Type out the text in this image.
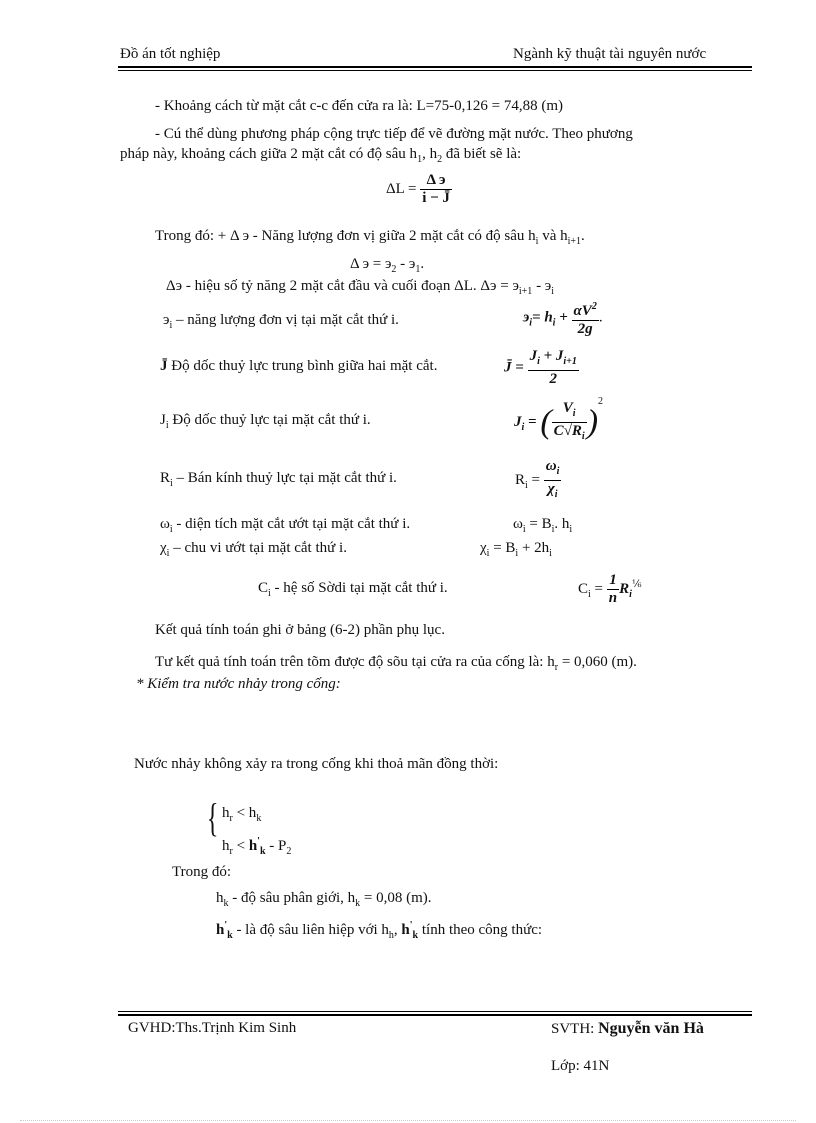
Đồ án tốt nghiệp	Ngành kỹ thuật tài nguyên nước
- Khoảng cách từ mặt cắt c-c đến cửa ra là: L=75-0,126 = 74,88 (m)
- Cú thể dùng phương pháp cộng trực tiếp để vẽ đường mặt nước. Theo phương
pháp này, khoảng cách giữa 2 mặt cắt có độ sâu $h_1$, $h_2$ đã biết sẽ là:
$\Delta L = \frac{\text{Δ э}}{i - J̄}$
Trong đó: + Δ э - Năng lượng đơn vị giữa 2 mặt cắt có độ sâu $h_i$ và $h_{i+1}$.
Δ $э = э_2 - э_1$.
Δэ - hiệu số tỷ năng 2 mặt cắt đầu và cuối đoạn ΔL. $\Delta э = э_{i+1} - э_i$
$э_i$ – năng lượng đơn vị tại mặt cắt thứ i.	$э_i= h_i + \frac{\alpha V^2}{2g}$ .
J̄ Độ dốc thuỷ lực trung bình giữa hai mặt cắt.	J̄ = $\frac{J_i + J_{i+1}}{2}$
$J_i$ Độ dốc thuỷ lực tại mặt cắt thứ i.	$J_i$ = ( $\frac{V_i}{C√R_i} )^2$
$R_i$ – Bán kính thuỷ lực tại mặt cắt thứ i.	$R_i = \frac{\omega_i}{\chi_i}$
$\omega_i$ - diện tích mặt cắt ướt tại mặt cắt thứ i.	$\omega_i = B_i$. $h_i$
$\chi_i$ – chu vi ướt tại mặt cắt thứ i.	$\chi_i = B_i + 2h_i$
$C_i$ - hệ số Sờdi tại mặt cắt thứ i.	$C_i = \frac{1}{n} R_i^{\frac{1}{6}}$
Kết quả tính toán ghi ở bảng (6-2) phần phụ lục.
Tư kết quả tính toán trên tõm được độ sõu tại cửa ra của cống là: $h_r = 0,060$ (m).
* Kiểm tra nước nhảy trong cống:
Nước nhảy không xảy ra trong cống khi thoả mãn đồng thời:
{ $h_r < h_k$
$h_r < h'_k - P_2$
Trong đó:
$h_k$ - độ sâu phân giới, $h_k = 0,08$ (m).
$h'_k$ - là độ sâu liên hiệp với $h_h$, $h'_k$ tính theo công thức:
GVHD:Ths.Trịnh Kim Sinh	SVTH: Nguyễn văn Hà
Lớp: 41N
